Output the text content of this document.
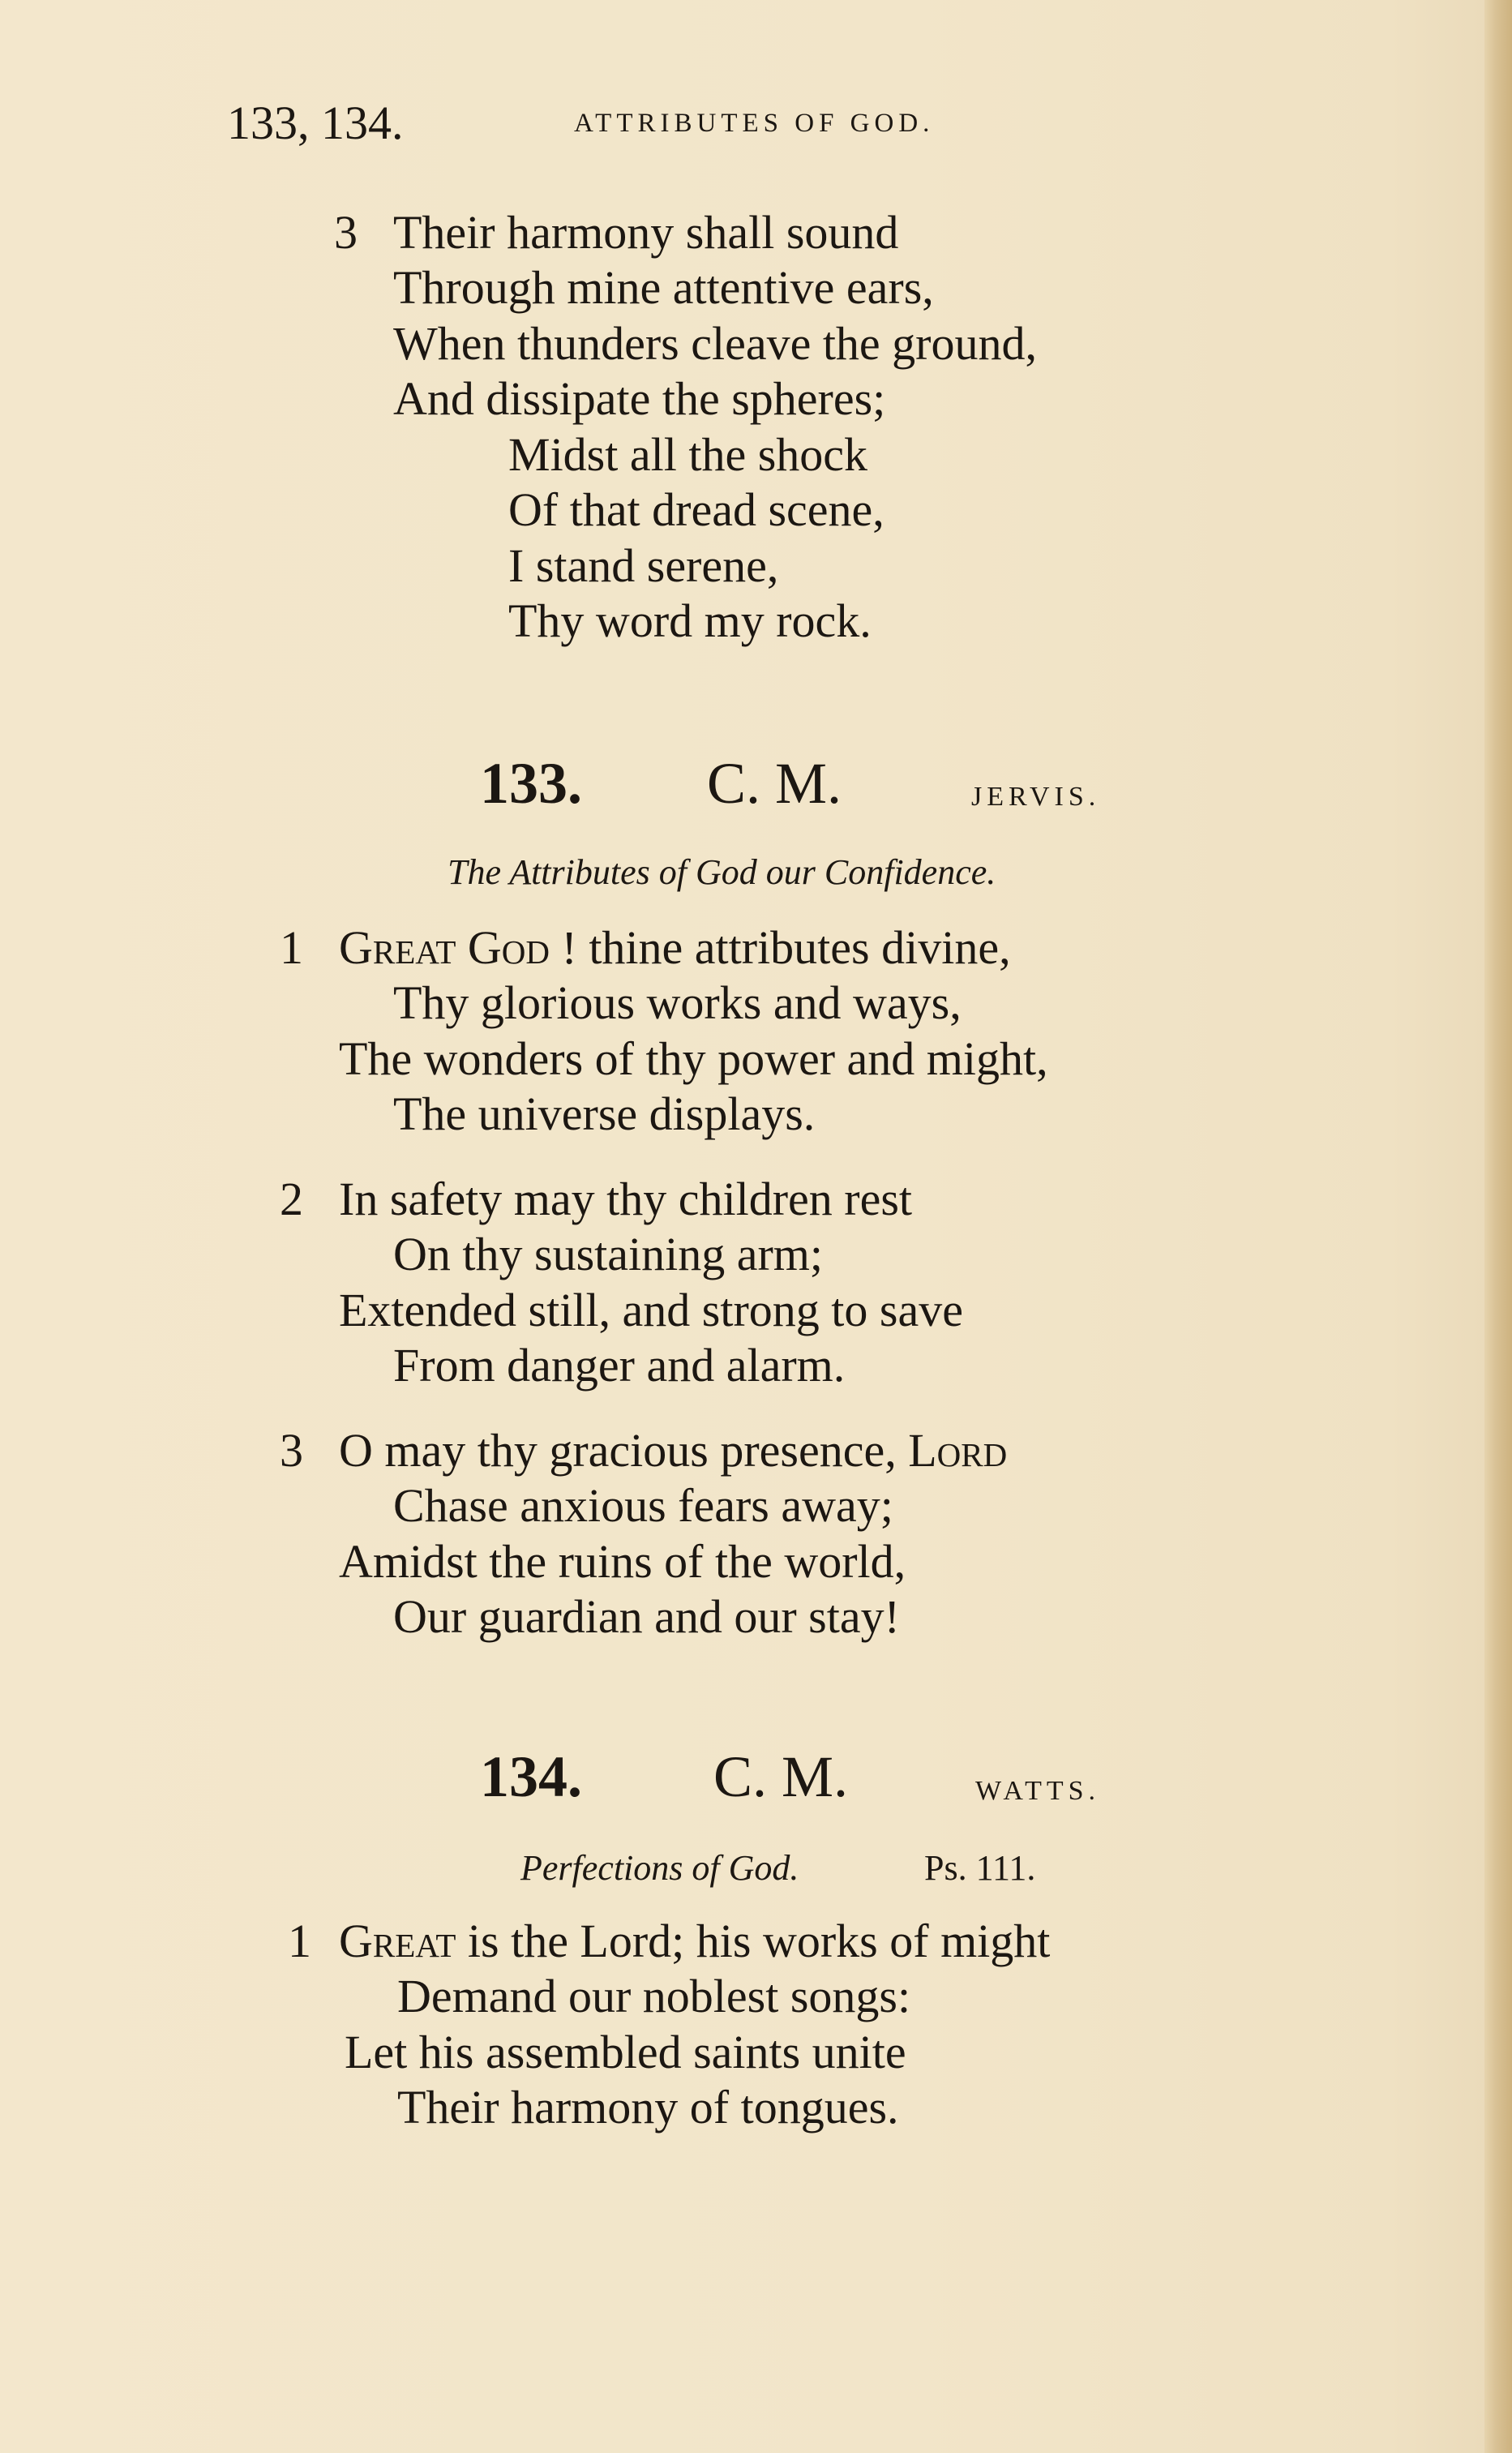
133, 134.	ATTRIBUTES OF GOD.
3 Their harmony shall sound
Through mine attentive ears,
When thunders cleave the ground,
And dissipate the spheres;
Midst all the shock
Of that dread scene,
I stand serene,
Thy word my rock.
133. C. M.	JERVIS.
The Attributes of God our Confidence.
1 Great God ! thine attributes divine,
Thy glorious works and ways,
The wonders of thy power and might,
The universe displays.
2 In safety may thy children rest
On thy sustaining arm;
Extended still, and strong to save
From danger and alarm.
3 O may thy gracious presence, Lord
Chase anxious fears away;
Amidst the ruins of the world,
Our guardian and our stay!
134. C. M.	WATTS.
Perfections of God.	Ps. 111.
1 Great is the Lord; his works of might
Demand our noblest songs:
Let his assembled saints unite
Their harmony of tongues.
